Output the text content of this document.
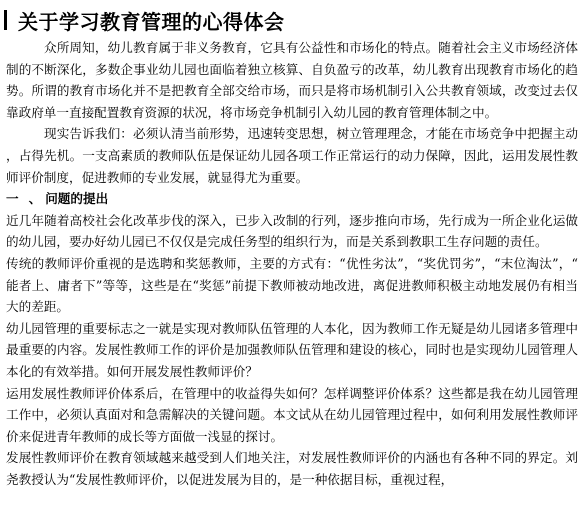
关于学习教育管理的心得体会

众所周知，幼儿教育属于非义务教育，它具有公益性和市场化的特点。随着社会主义市场经济体制的不断深化，多数企事业幼儿园也面临着独立核算、自负盈亏的改革，幼儿教育出现教育市场化的趋势。所谓的教育市场化并不是把教育全部交给市场，而只是将市场机制引入公共教育领域，改变过去仅靠政府单一直接配置教育资源的状况，将市场竞争机制引入幼儿园的教育管理体制之中。

现实告诉我们：必须认清当前形势，迅速转变思想，树立管理理念，才能在市场竞争中把握主动，占得先机。一支高素质的教师队伍是保证幼儿园各项工作正常运行的动力保障，因此，运用发展性教师评价制度，促进教师的专业发展，就显得尤为重要。

一 、 问题的提出

近几年随着高校社会化改革步伐的深入，已步入改制的行列，逐步推向市场，先行成为一所企业化运做的幼儿园，要办好幼儿园已不仅仅是完成任务型的组织行为，而是关系到教职工生存问题的责任。

传统的教师评价重视的是选聘和奖惩教师，主要的方式有：“优性劣汰”，“奖优罚劣”，“末位淘汰”，“能者上、庸者下”等等，这些是在“奖惩”前提下教师被动地改进，离促进教师积极主动地发展仍有相当大的差距。

幼儿园管理的重要标志之一就是实现对教师队伍管理的人本化，因为教师工作无疑是幼儿园诸多管理中最重要的内容。发展性教师工作的评价是加强教师队伍管理和建设的核心，同时也是实现幼儿园管理人本化的有效举措。如何开展发展性教师评价？

运用发展性教师评价体系后，在管理中的收益得失如何？怎样调整评价体系？这些都是我在幼儿园管理工作中，必须认真面对和急需解决的关键问题。本文试从在幼儿园管理过程中，如何利用发展性教师评价来促进青年教师的成长等方面做一浅显的探讨。

发展性教师评价在教育领域越来越受到人们地关注，对发展性教师评价的内涵也有各种不同的界定。刘尧教授认为“发展性教师评价，以促进发展为目的，是一种依据目标，重视过程，
